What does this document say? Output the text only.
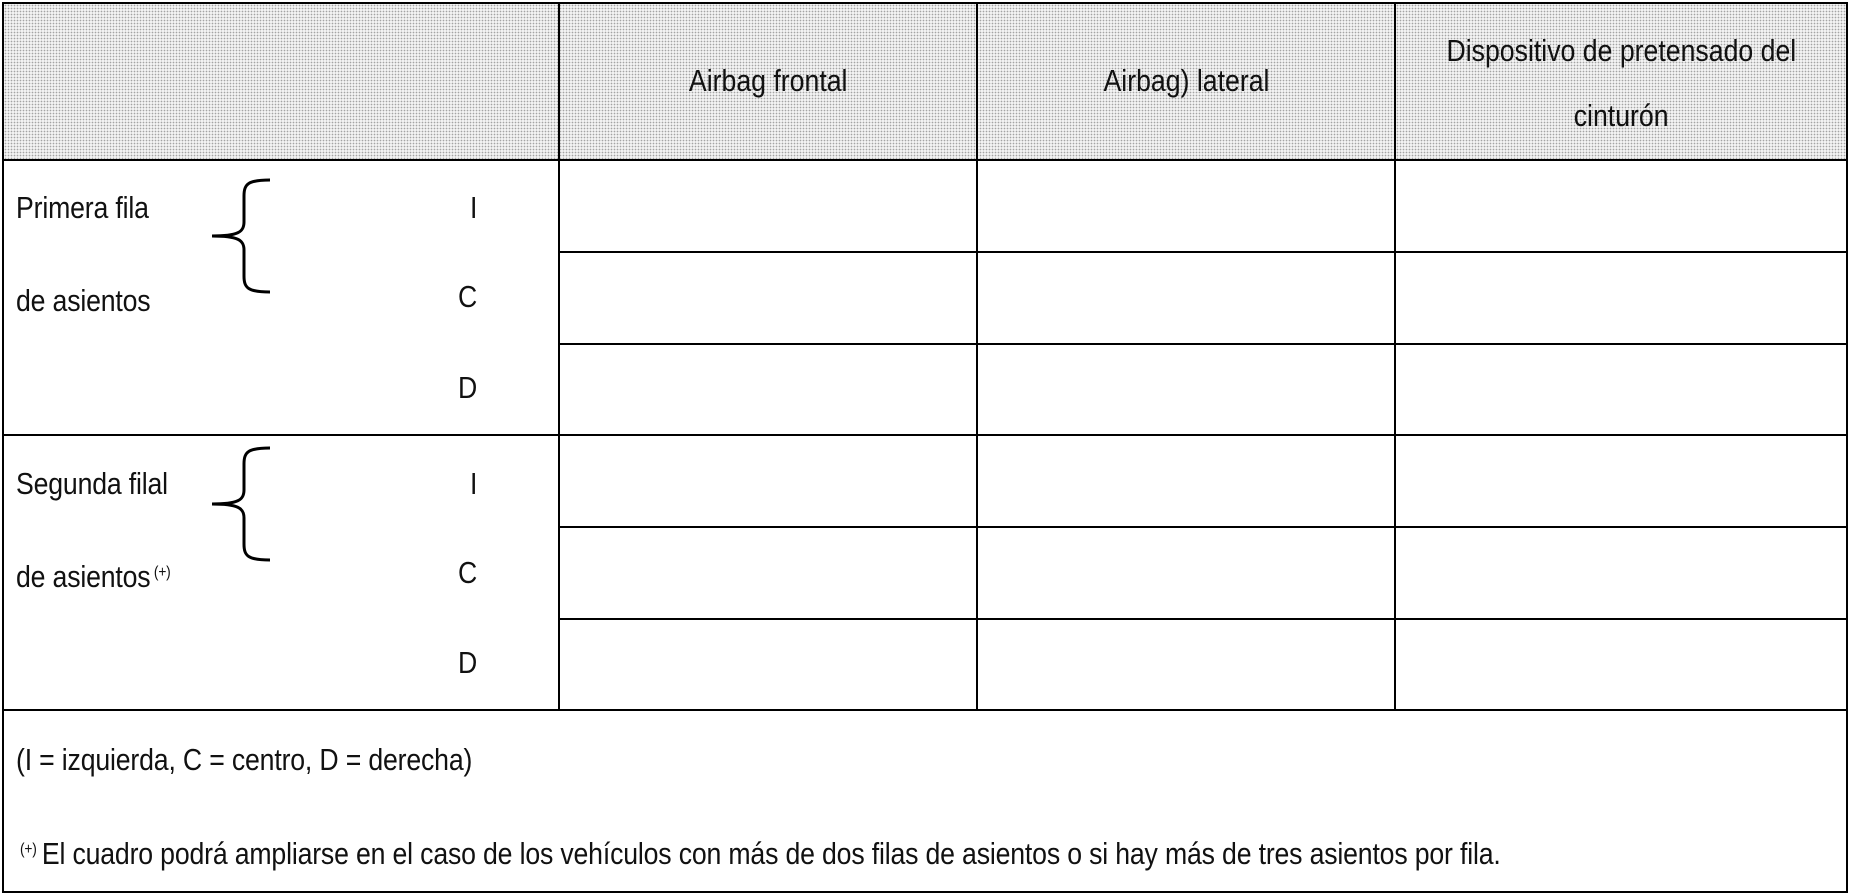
Airbag frontal	Airbag) lateral
Dispositivo de pretensado del
cinturón
Primera fila
de asientos
I
C
D
Segunda filal
de asientos (+)
I
C
D
(I = izquierda, C = centro, D = derecha)
(+) El cuadro podrá ampliarse en el caso de los vehículos con más de dos filas de asientos o si hay más de tres asientos por fila.
